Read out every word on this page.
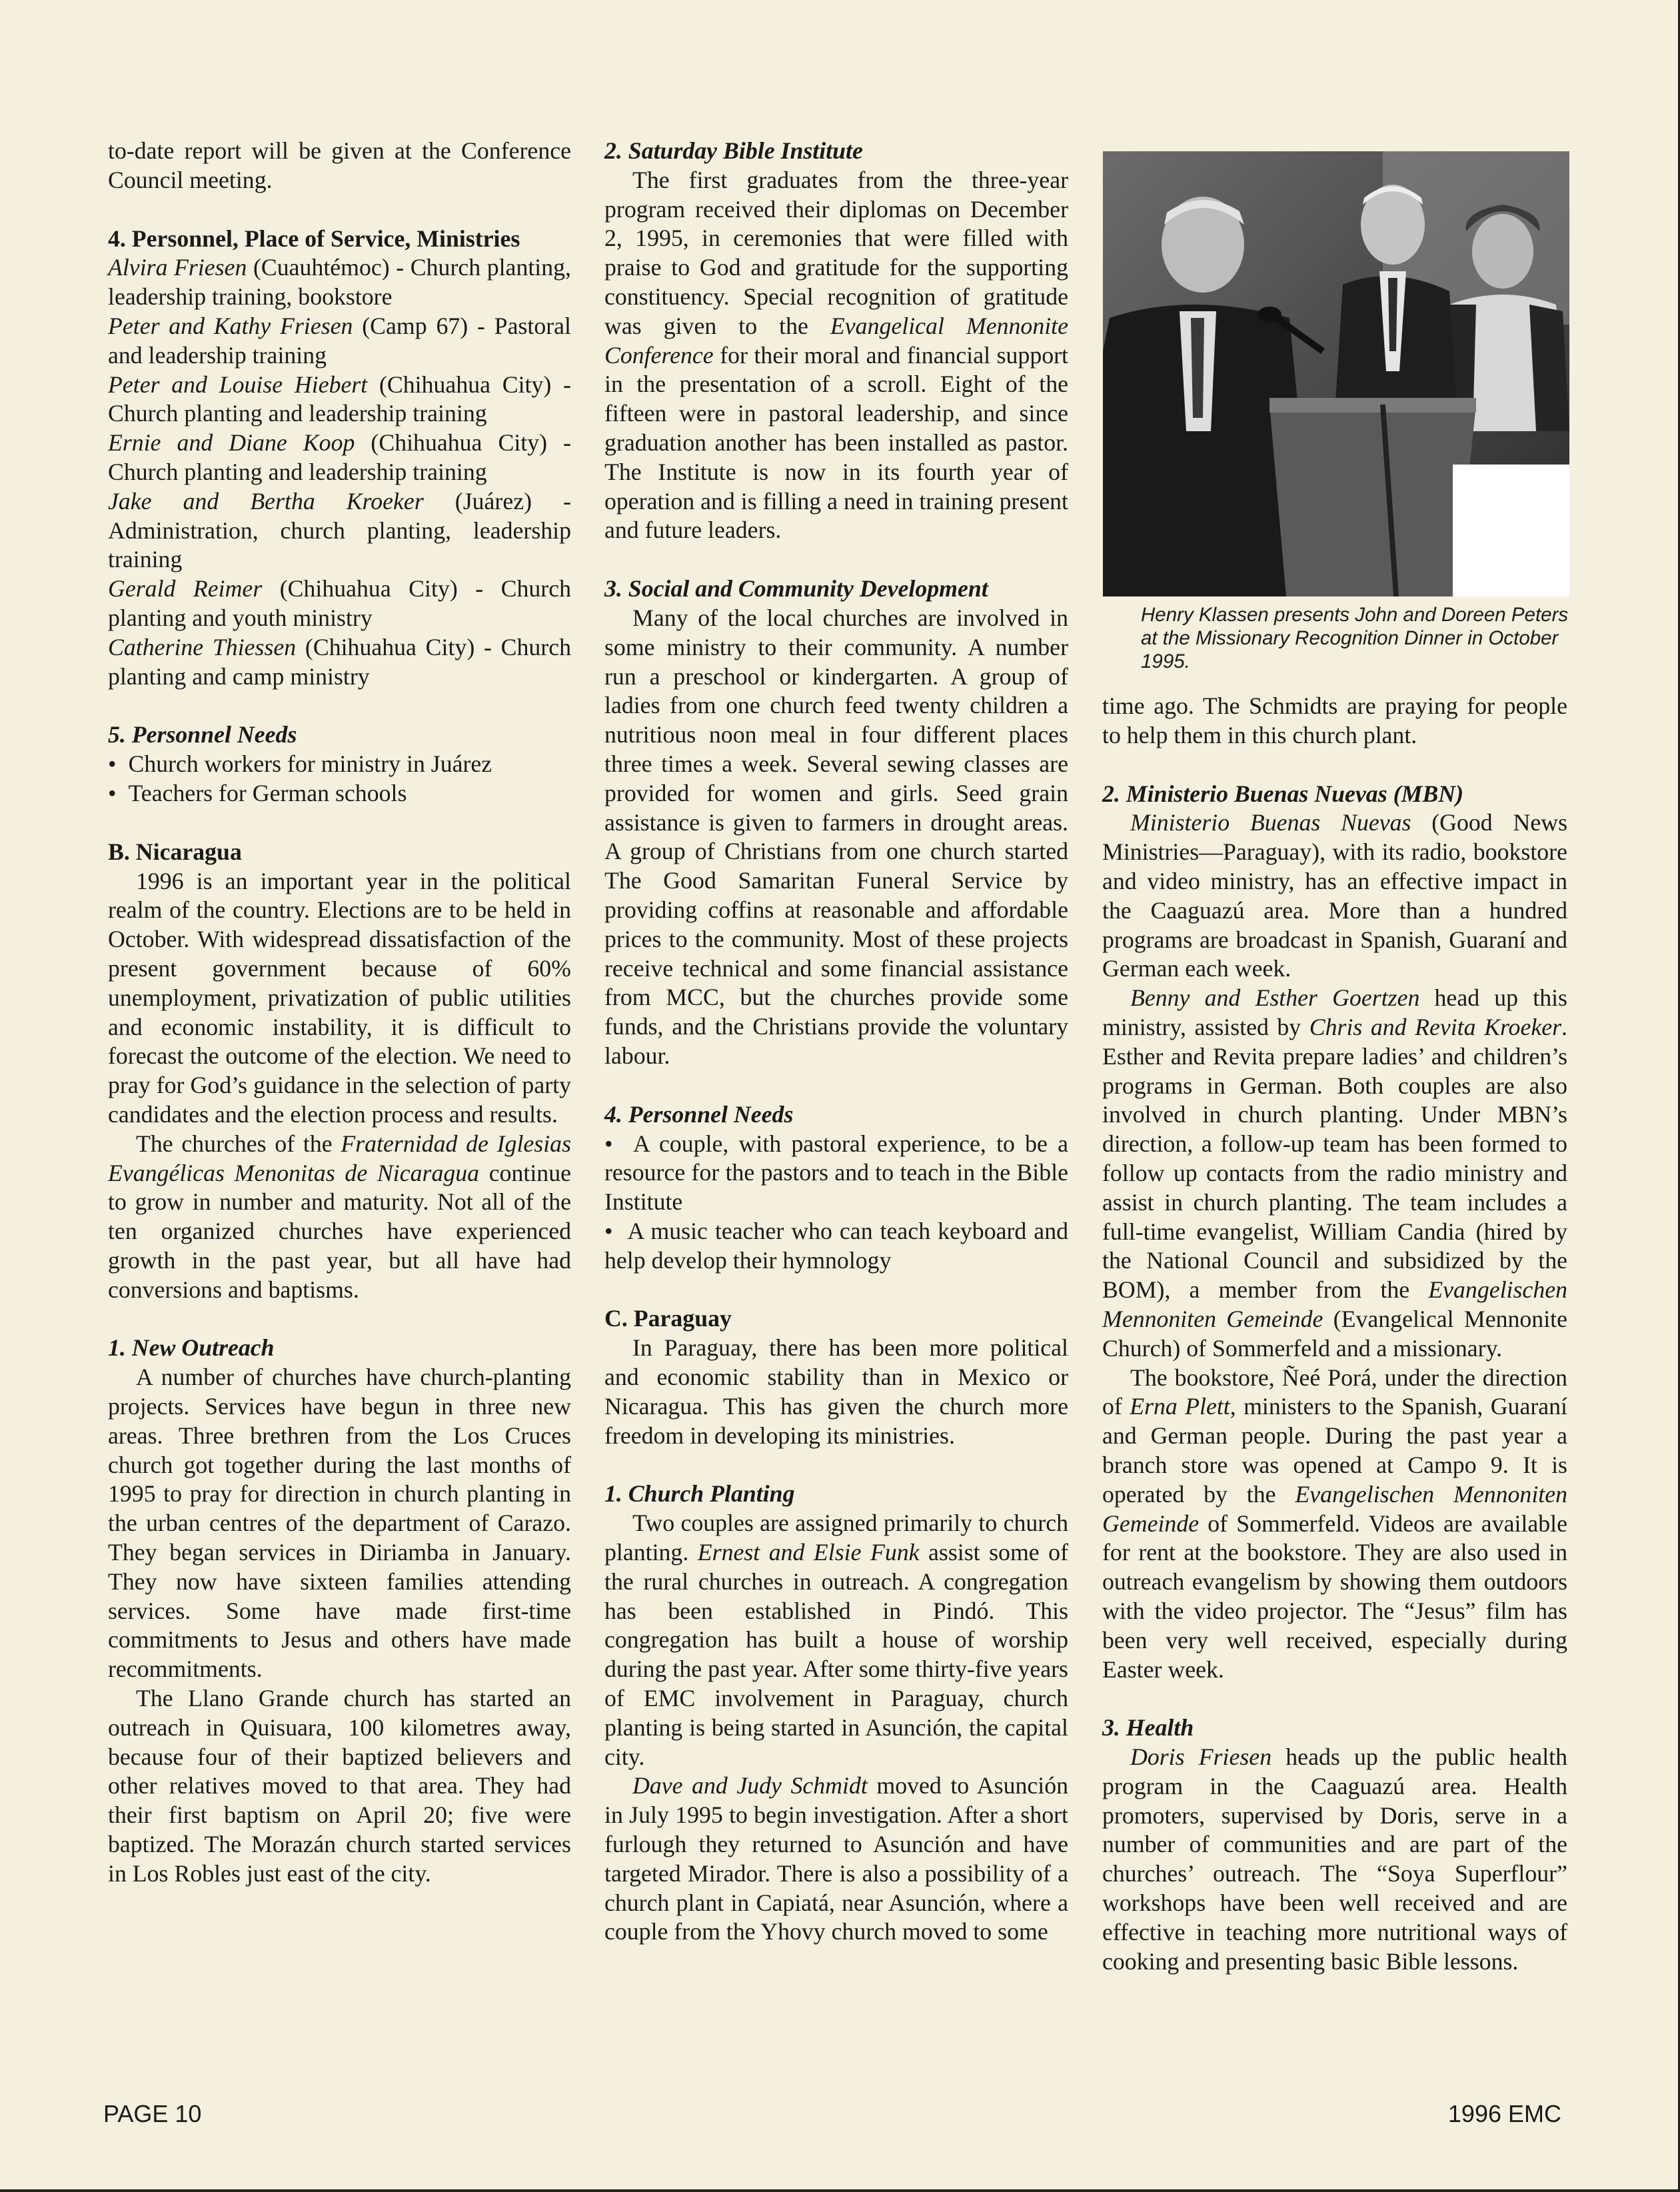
to-date report will be given at the Conference Council meeting.

4. Personnel, Place of Service, Ministries

Alvira Friesen (Cuauhtémoc) - Church planting, leadership training, bookstore

Peter and Kathy Friesen (Camp 67) - Pastoral and leadership training

Peter and Louise Hiebert (Chihuahua City) - Church planting and leadership training

Ernie and Diane Koop (Chihuahua City) - Church planting and leadership training

Jake and Bertha Kroeker (Juárez) - Administration, church planting, leadership training

Gerald Reimer (Chihuahua City) - Church planting and youth ministry

Catherine Thiessen (Chihuahua City) - Church planting and camp ministry

5. Personnel Needs

•  Church workers for ministry in Juárez

•  Teachers for German schools

B. Nicaragua

1996 is an important year in the political realm of the country. Elections are to be held in October. With widespread dissatisfaction of the present government because of 60% unemployment, privatization of public utilities and economic instability, it is difficult to forecast the outcome of the election. We need to pray for God’s guidance in the selection of party candidates and the election process and results.

The churches of the Fraternidad de Iglesias Evangélicas Menonitas de Nicaragua continue to grow in number and maturity. Not all of the ten organized churches have experienced growth in the past year, but all have had conversions and baptisms.

1. New Outreach

A number of churches have church-planting projects. Services have begun in three new areas. Three brethren from the Los Cruces church got together during the last months of 1995 to pray for direction in church planting in the urban centres of the department of Carazo. They began services in Diriamba in January. They now have sixteen families attending services. Some have made first-time commitments to Jesus and others have made recommitments.

The Llano Grande church has started an outreach in Quisuara, 100 kilometres away, because four of their baptized believers and other relatives moved to that area. They had their first baptism on April 20; five were baptized. The Morazán church started services in Los Robles just east of the city.

2. Saturday Bible Institute

The first graduates from the three-year program received their diplomas on December 2, 1995, in ceremonies that were filled with praise to God and gratitude for the supporting constituency. Special recognition of gratitude was given to the Evangelical Mennonite Conference for their moral and financial support in the presentation of a scroll. Eight of the fifteen were in pastoral leadership, and since graduation another has been installed as pastor. The Institute is now in its fourth year of operation and is filling a need in training present and future leaders.

3. Social and Community Development

Many of the local churches are involved in some ministry to their community. A number run a preschool or kindergarten. A group of ladies from one church feed twenty children a nutritious noon meal in four different places three times a week. Several sewing classes are provided for women and girls. Seed grain assistance is given to farmers in drought areas. A group of Christians from one church started The Good Samaritan Funeral Service by providing coffins at reasonable and affordable prices to the community. Most of these projects receive technical and some financial assistance from MCC, but the churches provide some funds, and the Christians provide the voluntary labour.

4. Personnel Needs

•  A couple, with pastoral experience, to be a resource for the pastors and to teach in the Bible Institute

•  A music teacher who can teach keyboard and help develop their hymnology

C. Paraguay

In Paraguay, there has been more political and economic stability than in Mexico or Nicaragua. This has given the church more freedom in developing its ministries.

1. Church Planting

Two couples are assigned primarily to church planting. Ernest and Elsie Funk assist some of the rural churches in outreach. A congregation has been established in Pindó. This congregation has built a house of worship during the past year. After some thirty-five years of EMC involvement in Paraguay, church planting is being started in Asunción, the capital city.

Dave and Judy Schmidt moved to Asunción in July 1995 to begin investigation. After a short furlough they returned to Asunción and have targeted Mirador. There is also a possibility of a church plant in Capiatá, near Asunción, where a couple from the Yhovy church moved to some

Henry Klassen presents John and Doreen Peters at the Missionary Recognition Dinner in October 1995.

time ago. The Schmidts are praying for people to help them in this church plant.

2. Ministerio Buenas Nuevas (MBN)

Ministerio Buenas Nuevas (Good News Ministries—Paraguay), with its radio, bookstore and video ministry, has an effective impact in the Caaguazú area. More than a hundred programs are broadcast in Spanish, Guaraní and German each week.

Benny and Esther Goertzen head up this ministry, assisted by Chris and Revita Kroeker. Esther and Revita prepare ladies’ and children’s programs in German. Both couples are also involved in church planting. Under MBN’s direction, a follow-up team has been formed to follow up contacts from the radio ministry and assist in church planting. The team includes a full-time evangelist, William Candia (hired by the National Council and subsidized by the BOM), a member from the Evangelischen Mennoniten Gemeinde (Evangelical Mennonite Church) of Sommerfeld and a missionary.

The bookstore, Ñeé Porá, under the direction of Erna Plett, ministers to the Spanish, Guaraní and German people. During the past year a branch store was opened at Campo 9. It is operated by the Evangelischen Mennoniten Gemeinde of Sommerfeld. Videos are available for rent at the bookstore. They are also used in outreach evangelism by showing them outdoors with the video projector. The “Jesus” film has been very well received, especially during Easter week.

3. Health

Doris Friesen heads up the public health program in the Caaguazú area. Health promoters, supervised by Doris, serve in a number of communities and are part of the churches’ outreach. The “Soya Superflour” workshops have been well received and are effective in teaching more nutritional ways of cooking and presenting basic Bible lessons.

PAGE 10	1996 EMC
